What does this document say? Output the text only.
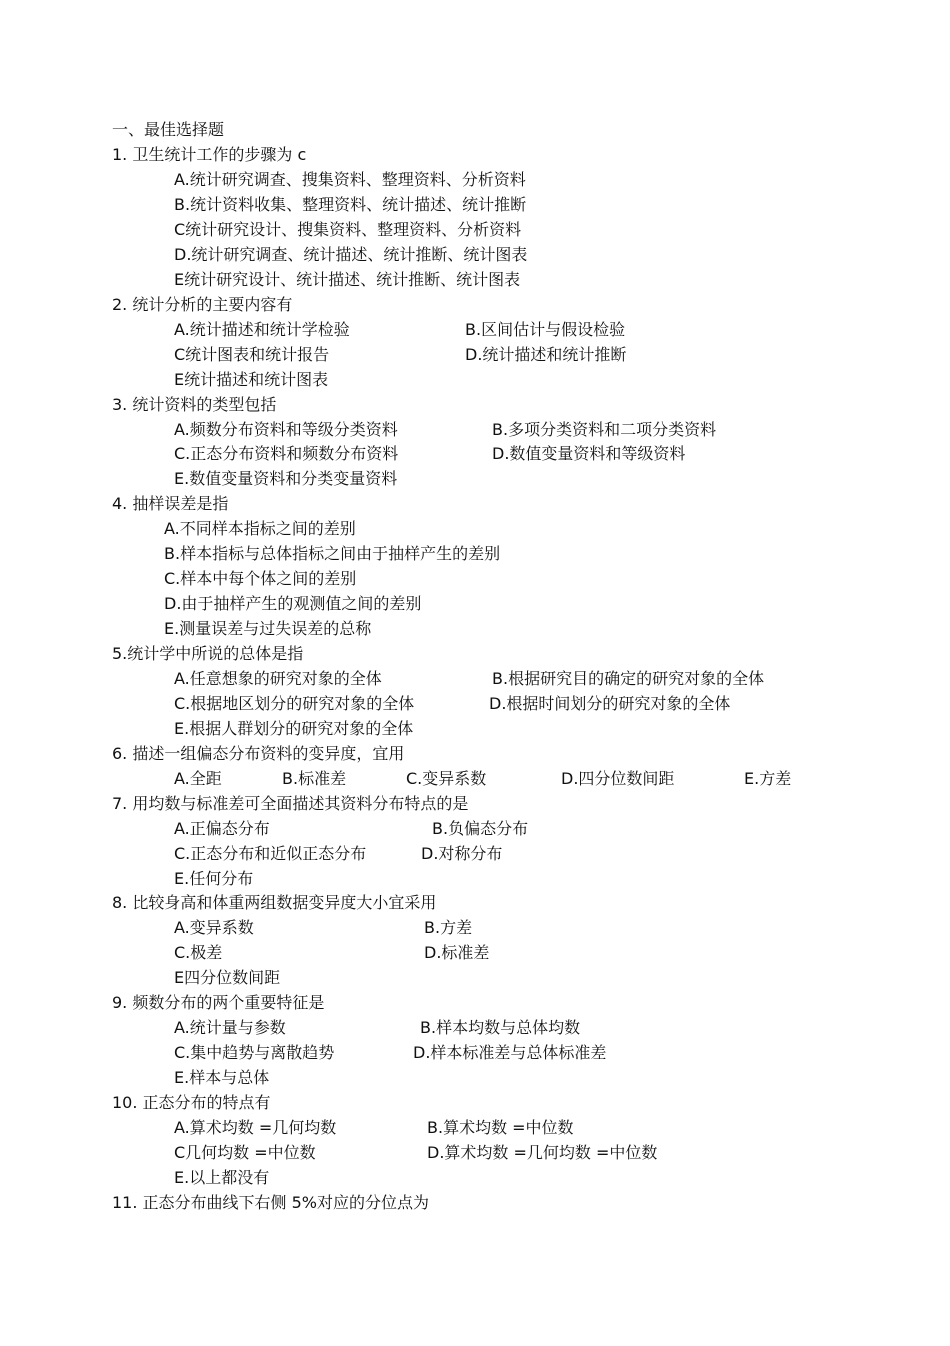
一、最佳选择题
1. 卫生统计工作的步骤为 c
A.统计研究调查、搜集资料、整理资料、分析资料
B.统计资料收集、整理资料、统计描述、统计推断
C统计研究设计、搜集资料、整理资料、分析资料
D.统计研究调查、统计描述、统计推断、统计图表
E统计研究设计、统计描述、统计推断、统计图表
2. 统计分析的主要内容有
A.统计描述和统计学检验	B.区间估计与假设检验
C统计图表和统计报告	D.统计描述和统计推断
E统计描述和统计图表
3. 统计资料的类型包括
A.频数分布资料和等级分类资料	B.多项分类资料和二项分类资料
C.正态分布资料和频数分布资料	D.数值变量资料和等级资料
E.数值变量资料和分类变量资料
4. 抽样误差是指
A.不同样本指标之间的差别
B.样本指标与总体指标之间由于抽样产生的差别
C.样本中每个体之间的差别
D.由于抽样产生的观测值之间的差别
E.测量误差与过失误差的总称
5.统计学中所说的总体是指
A.任意想象的研究对象的全体	B.根据研究目的确定的研究对象的全体
C.根据地区划分的研究对象的全体	D.根据时间划分的研究对象的全体
E.根据人群划分的研究对象的全体
6. 描述一组偏态分布资料的变异度，宜用
A.全距	B.标准差	C.变异系数	D.四分位数间距	E.方差
7. 用均数与标准差可全面描述其资料分布特点的是
A.正偏态分布	B.负偏态分布
C.正态分布和近似正态分布	D.对称分布
E.任何分布
8. 比较身高和体重两组数据变异度大小宜采用
A.变异系数	B.方差
C.极差	D.标准差
E四分位数间距
9. 频数分布的两个重要特征是
A.统计量与参数	B.样本均数与总体均数
C.集中趋势与离散趋势	D.样本标准差与总体标准差
E.样本与总体
10. 正态分布的特点有
A.算术均数 =几何均数	B.算术均数 =中位数
C几何均数 =中位数	D.算术均数 =几何均数 =中位数
E.以上都没有
11. 正态分布曲线下右侧 5%对应的分位点为
